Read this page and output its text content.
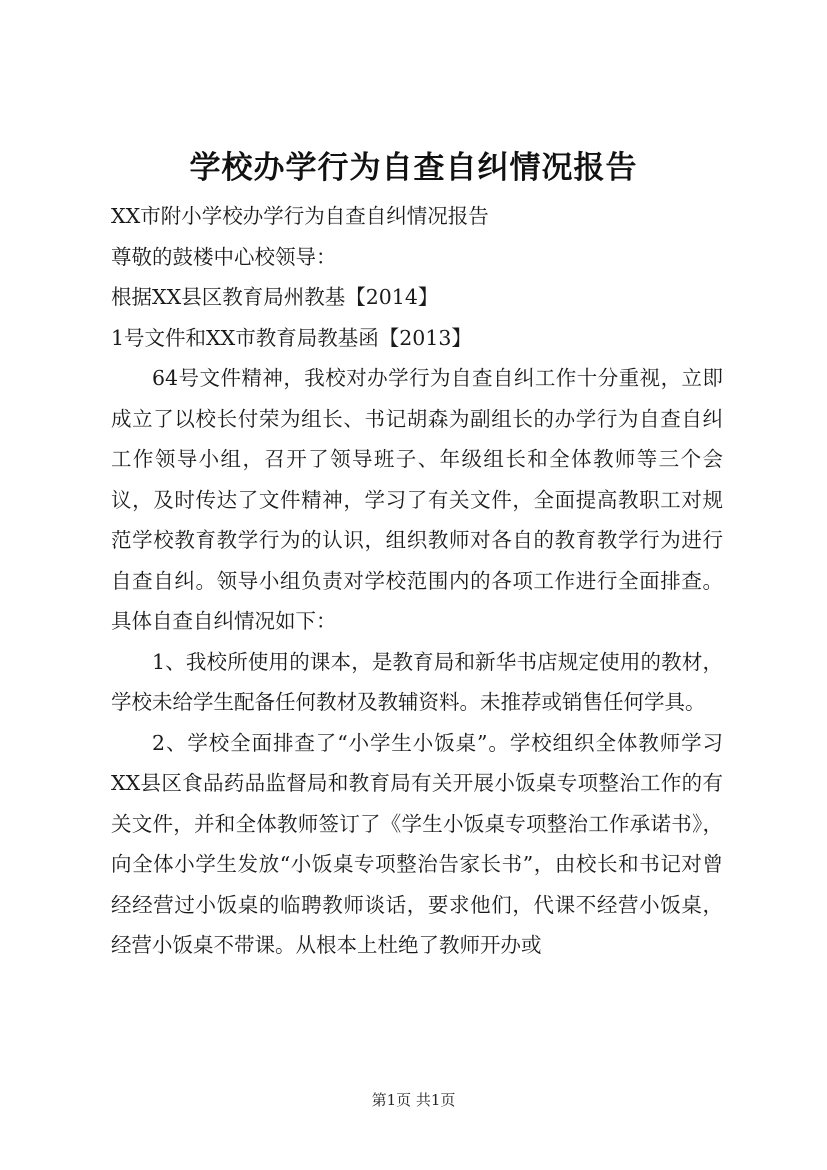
学校办学行为自查自纠情况报告

XX市附小学校办学行为自查自纠情况报告

尊敬的鼓楼中心校领导：

根据XX县区教育局州教基【2014】

1号文件和XX市教育局教基函【2013】

64号文件精神，我校对办学行为自查自纠工作十分重视，立即成立了以校长付荣为组长、书记胡森为副组长的办学行为自查自纠工作领导小组，召开了领导班子、年级组长和全体教师等三个会议，及时传达了文件精神，学习了有关文件，全面提高教职工对规范学校教育教学行为的认识，组织教师对各自的教育教学行为进行自查自纠。领导小组负责对学校范围内的各项工作进行全面排查。具体自查自纠情况如下：

1、我校所使用的课本，是教育局和新华书店规定使用的教材，学校未给学生配备任何教材及教辅资料。未推荐或销售任何学具。

2、学校全面排查了“小学生小饭桌”。学校组织全体教师学习XX县区食品药品监督局和教育局有关开展小饭桌专项整治工作的有关文件，并和全体教师签订了《学生小饭桌专项整治工作承诺书》，向全体小学生发放“小饭桌专项整治告家长书”，由校长和书记对曾经经营过小饭桌的临聘教师谈话，要求他们，代课不经营小饭桌，经营小饭桌不带课。从根本上杜绝了教师开办或

第1页 共1页
